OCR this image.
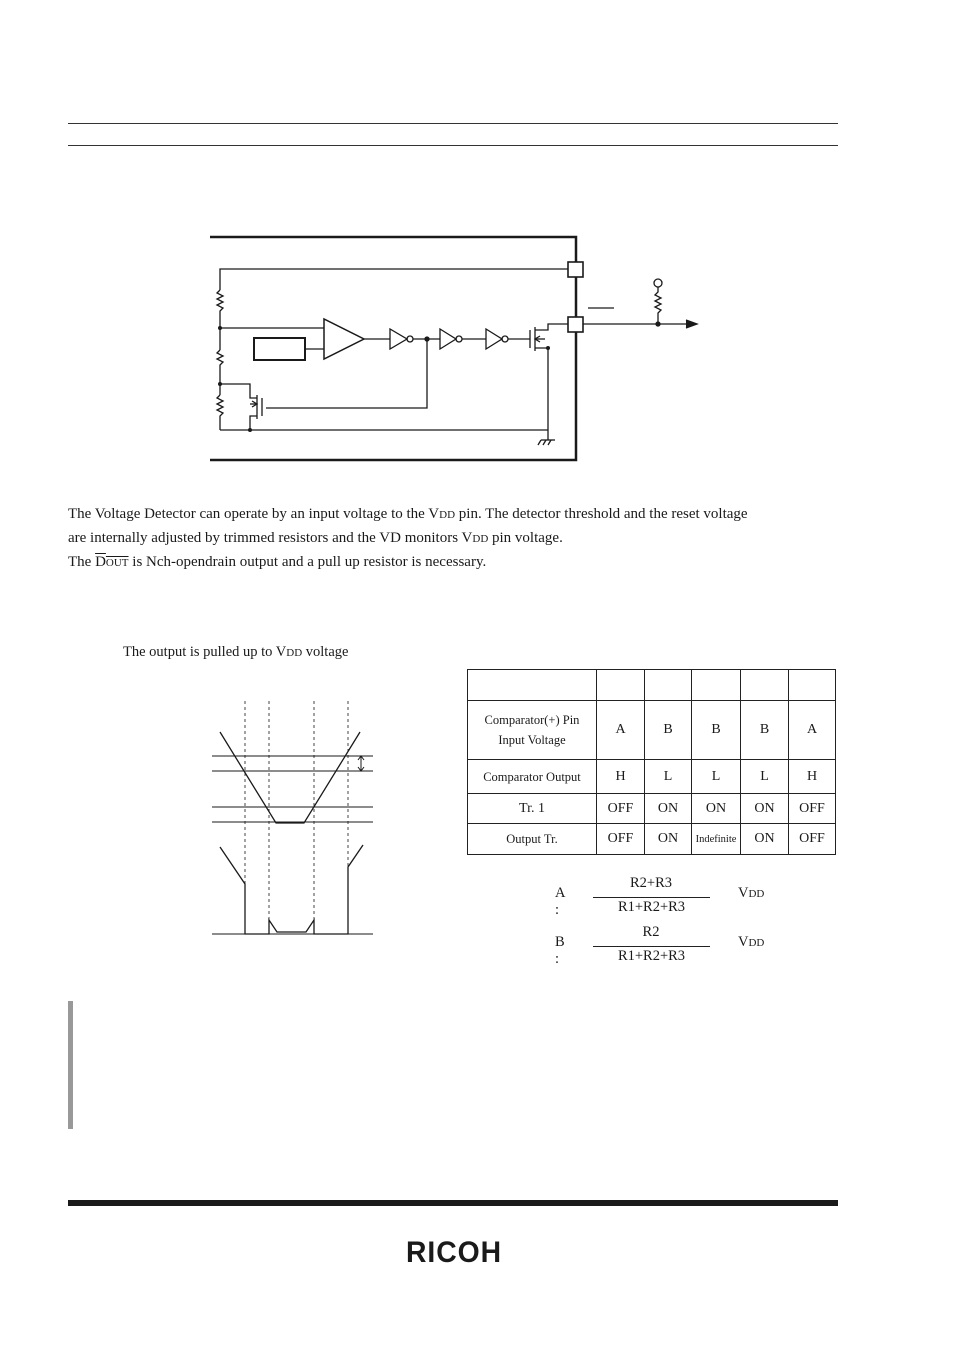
The Voltage Detector can operate by an input voltage to the VDD pin. The detector threshold and the reset voltage
are internally adjusted by trimmed resistors and the VD monitors VDD pin voltage.
The DOUT is Nch-opendrain output and a pull up resistor is necessary.
The output is pulled up to VDD voltage

Comparator(+) Pin
Input Voltage	A	B	B	B	A
Comparator Output	H	L	L	L	H
Tr. 1	OFF	ON	ON	ON	OFF
Output Tr.	OFF	ON	Indefinite	ON	OFF
A :
R2+R3
R1+R2+R3
VDD
B :
R2
R1+R2+R3
VDD
RICOH
